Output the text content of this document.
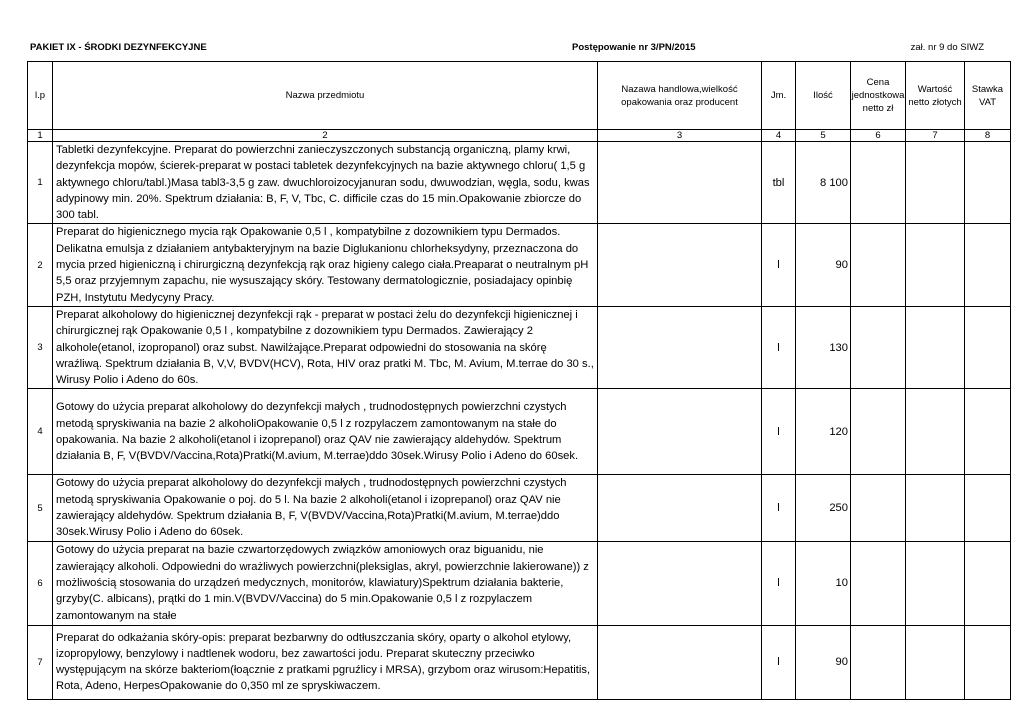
PAKIET IX - ŚRODKI DEZYNFEKCYJNE	Postępowanie nr 3/PN/2015	zał. nr 9 do SIWZ
l.p	Nazwa przedmiotu	Nazawa handlowa,wielkość opakowania oraz producent	Jm.	Ilość	Cena jednostkowa netto zł	Wartość netto złotych	Stawka VAT
1	2	3	4	5	6	7	8
1	Tabletki dezynfekcyjne. Preparat do powierzchni zanieczyszczonych substancją organiczną, plamy krwi, dezynfekcja mopów, ścierek-preparat w postaci tabletek dezynfekcyjnych na bazie aktywnego chloru( 1,5 g aktywnego chloru/tabl.)Masa tabl3-3,5 g zaw. dwuchloroizocyjanuran sodu, dwuwodzian, węgla, sodu, kwas adypinowy min. 20%. Spektrum działania: B, F, V, Tbc, C. difficile czas do 15 min.Opakowanie zbiorcze do 300 tabl.		tbl	8 100			
2	Preparat do higienicznego mycia rąk Opakowanie 0,5 l , kompatybilne z dozownikiem typu Dermados. Delikatna emulsja z działaniem antybakteryjnym na bazie Diglukanionu chlorheksydyny, przeznaczona do mycia przed higieniczną i chirurgiczną dezynfekcją rąk oraz higieny calego ciała.Preaparat o neutralnym pH 5,5 oraz przyjemnym zapachu, nie wysuszający skóry. Testowany dermatologicznie, posiadajacy opinbię PZH, Instytutu Medycyny Pracy.		l	90			
3	Preparat alkoholowy do higienicznej dezynfekcji rąk - preparat w postaci żelu do dezynfekcji higienicznej i chirurgicznej rąk Opakowanie 0,5 l , kompatybilne z dozownikiem typu Dermados. Zawierający 2 alkohole(etanol, izopropanol) oraz subst. Nawilżające.Preparat odpowiedni do stosowania na skórę wraźliwą. Spektrum działania B, V,V, BVDV(HCV), Rota, HIV oraz pratki M. Tbc, M. Avium, M.terrae do 30 s., Wirusy Polio i Adeno do 60s.		l	130			
4	Gotowy do użycia preparat alkoholowy do dezynfekcji małych , trudnodostępnych powierzchni czystych metodą spryskiwania na bazie 2 alkoholiOpakowanie 0,5 l z rozpylaczem zamontowanym na stałe do opakowania. Na bazie 2 alkoholi(etanol i izoprepanol) oraz QAV nie zawierający aldehydów. Spektrum działania B, F, V(BVDV/Vaccina,Rota)Pratki(M.avium, M.terrae)ddo 30sek.Wirusy Polio i Adeno do 60sek.		l	120			
5	Gotowy do użycia preparat alkoholowy do dezynfekcji małych , trudnodostępnych powierzchni czystych metodą spryskiwania Opakowanie o poj. do 5 l. Na bazie 2 alkoholi(etanol i izoprepanol) oraz QAV nie zawierający aldehydów. Spektrum działania B, F, V(BVDV/Vaccina,Rota)Pratki(M.avium, M.terrae)ddo 30sek.Wirusy Polio i Adeno do 60sek.		l	250			
6	Gotowy do użycia preparat na bazie czwartorzędowych związków amoniowych oraz biguanidu, nie zawierający alkoholi. Odpowiedni do wrażliwych powierzchni(pleksiglas, akryl, powierzchnie lakierowane)) z możliwością stosowania do urządzeń medycznych, monitorów, klawiatury)Spektrum działania bakterie, grzyby(C. albicans), prątki do 1 min.V(BVDV/Vaccina) do 5 min.Opakowanie 0,5 l z rozpylaczem zamontowanym na stałe		l	10			
7	Preparat do odkażania skóry-opis: preparat bezbarwny do odtłuszczania skóry, oparty o alkohol etylowy, izopropylowy, benzylowy i nadtlenek wodoru, bez zawartości jodu. Preparat skuteczny przeciwko występującym na skórze bakteriom(łoącznie z pratkami pgruźlicy i MRSA), grzybom oraz wirusom:Hepatitis, Rota, Adeno, HerpesOpakowanie do 0,350 ml ze spryskiwaczem.		l	90			
